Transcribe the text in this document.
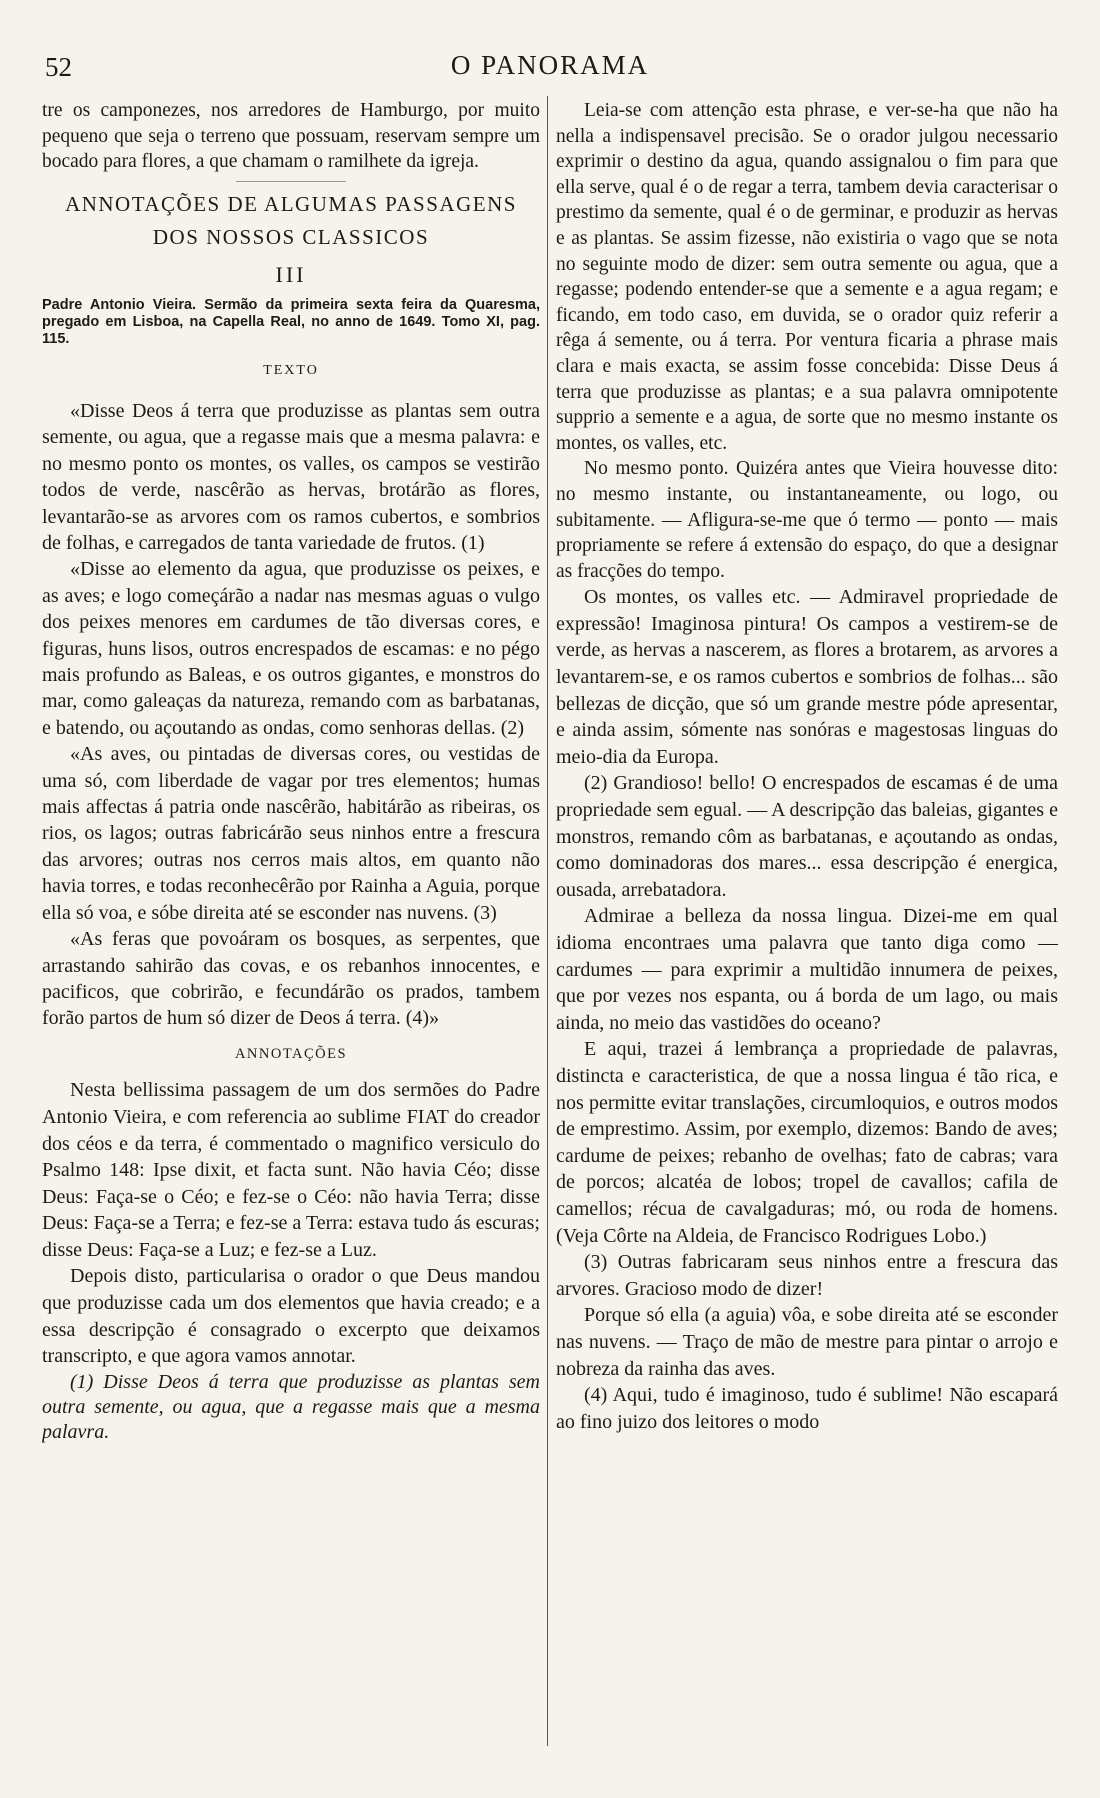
52	O PANORAMA

tre os camponezes, nos arredores de Hamburgo, por muito pequeno que seja o terreno que possuam, reservam sempre um bocado para flores, a que chamam o ramilhete da igreja.

ANNOTAÇÕES DE ALGUMAS PASSAGENS
DOS NOSSOS CLASSICOS
III
Padre Antonio Vieira. Sermão da primeira sexta feira da Quaresma, pregado em Lisboa, na Capella Real, no anno de 1649. Tomo XI, pag. 115.
TEXTO

«Disse Deos á terra que produzisse as plantas sem outra semente, ou agua, que a regasse mais que a mesma palavra: e no mesmo ponto os montes, os valles, os campos se vestirão todos de verde, nascêrão as hervas, brotárão as flores, levantarão-se as arvores com os ramos cubertos, e sombrios de folhas, e carregados de tanta variedade de frutos. (1)

«Disse ao elemento da agua, que produzisse os peixes, e as aves; e logo começárão a nadar nas mesmas aguas o vulgo dos peixes menores em cardumes de tão diversas cores, e figuras, huns lisos, outros encrespados de escamas: e no pégo mais profundo as Baleas, e os outros gigantes, e monstros do mar, como galeaças da natureza, remando com as barbatanas, e batendo, ou açoutando as ondas, como senhoras dellas. (2)

«As aves, ou pintadas de diversas cores, ou vestidas de uma só, com liberdade de vagar por tres elementos; humas mais affectas á patria onde nascêrão, habitárão as ribeiras, os rios, os lagos; outras fabricárão seus ninhos entre a frescura das arvores; outras nos cerros mais altos, em quanto não havia torres, e todas reconhecêrão por Rainha a Aguia, porque ella só voa, e sóbe direita até se esconder nas nuvens. (3)

«As feras que povoáram os bosques, as serpentes, que arrastando sahirão das covas, e os rebanhos innocentes, e pacificos, que cobrirão, e fecundárão os prados, tambem forão partos de hum só dizer de Deos á terra. (4)»

ANNOTAÇÕES

Nesta bellissima passagem de um dos sermões do Padre Antonio Vieira, e com referencia ao sublime FIAT do creador dos céos e da terra, é commentado o magnifico versiculo do Psalmo 148: Ipse dixit, et facta sunt. Não havia Céo; disse Deus: Faça-se o Céo; e fez-se o Céo: não havia Terra; disse Deus: Faça-se a Terra; e fez-se a Terra: estava tudo ás escuras; disse Deus: Faça-se a Luz; e fez-se a Luz.

Depois disto, particularisa o orador o que Deus mandou que produzisse cada um dos elementos que havia creado; e a essa descripção é consagrado o excerpto que deixamos transcripto, e que agora vamos annotar.

(1) Disse Deos á terra que produzisse as plantas sem outra semente, ou agua, que a regasse mais que a mesma palavra.

Leia-se com attenção esta phrase, e ver-se-ha que não ha nella a indispensavel precisão. Se o orador julgou necessario exprimir o destino da agua, quando assignalou o fim para que ella serve, qual é o de regar a terra, tambem devia caracterisar o prestimo da semente, qual é o de germinar, e produzir as hervas e as plantas. Se assim fizesse, não existiria o vago que se nota no seguinte modo de dizer: sem outra semente ou agua, que a regasse; podendo entender-se que a semente e a agua regam; e ficando, em todo caso, em duvida, se o orador quiz referir a rêga á semente, ou á terra. Por ventura ficaria a phrase mais clara e mais exacta, se assim fosse concebida: Disse Deus á terra que produzisse as plantas; e a sua palavra omnipotente supprio a semente e a agua, de sorte que no mesmo instante os montes, os valles, etc.

No mesmo ponto. Quizéra antes que Vieira houvesse dito: no mesmo instante, ou instantaneamente, ou logo, ou subitamente. — Afligura-se-me que ó termo — ponto — mais propriamente se refere á extensão do espaço, do que a designar as fracções do tempo.

Os montes, os valles etc. — Admiravel propriedade de expressão! Imaginosa pintura! Os campos a vestirem-se de verde, as hervas a nascerem, as flores a brotarem, as arvores a levantarem-se, e os ramos cubertos e sombrios de folhas... são bellezas de dicção, que só um grande mestre póde apresentar, e ainda assim, sómente nas sonóras e magestosas linguas do meio-dia da Europa.

(2) Grandioso! bello! O encrespados de escamas é de uma propriedade sem egual. — A descripção das baleias, gigantes e monstros, remando côm as barbatanas, e açoutando as ondas, como dominadoras dos mares... essa descripção é energica, ousada, arrebatadora.

Admirae a belleza da nossa lingua. Dizei-me em qual idioma encontraes uma palavra que tanto diga como — cardumes — para exprimir a multidão innumera de peixes, que por vezes nos espanta, ou á borda de um lago, ou mais ainda, no meio das vastidões do oceano?

E aqui, trazei á lembrança a propriedade de palavras, distincta e caracteristica, de que a nossa lingua é tão rica, e nos permitte evitar translações, circumloquios, e outros modos de emprestimo. Assim, por exemplo, dizemos: Bando de aves; cardume de peixes; rebanho de ovelhas; fato de cabras; vara de porcos; alcatéa de lobos; tropel de cavallos; cafila de camellos; récua de cavalgaduras; mó, ou roda de homens. (Veja Côrte na Aldeia, de Francisco Rodrigues Lobo.)

(3) Outras fabricaram seus ninhos entre a frescura das arvores. Gracioso modo de dizer!

Porque só ella (a aguia) vôa, e sobe direita até se esconder nas nuvens. — Traço de mão de mestre para pintar o arrojo e nobreza da rainha das aves.

(4) Aqui, tudo é imaginoso, tudo é sublime! Não escapará ao fino juizo dos leitores o modo
